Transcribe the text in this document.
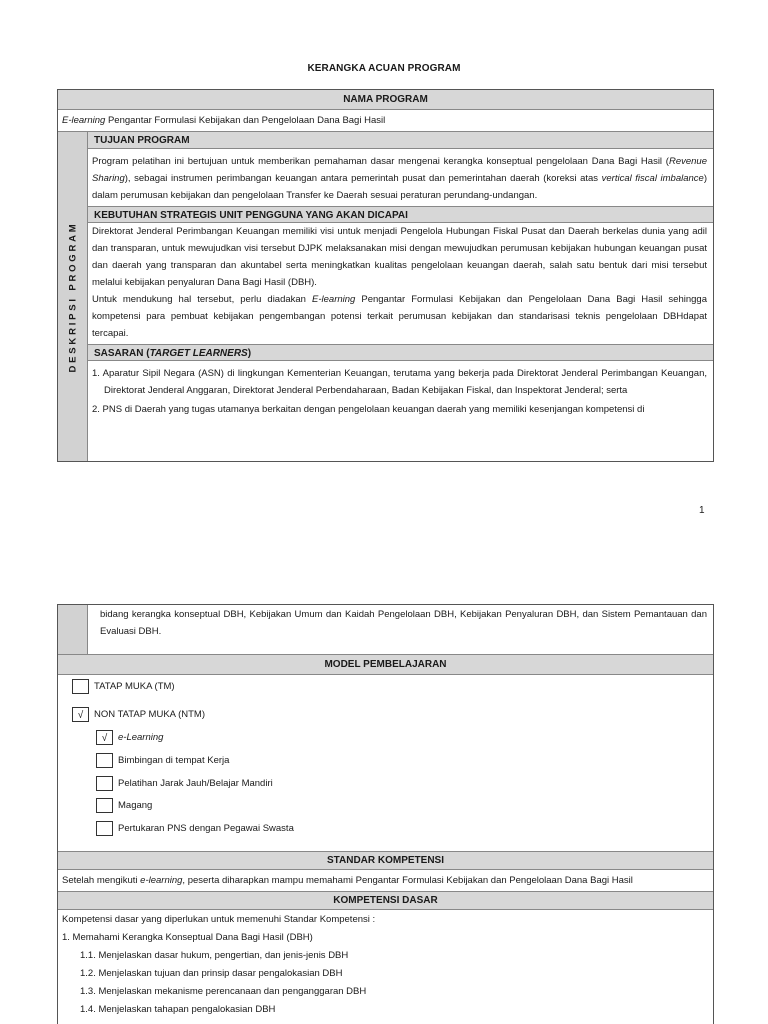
KERANGKA ACUAN PROGRAM
NAMA PROGRAM
E-learning Pengantar Formulasi Kebijakan dan Pengelolaan Dana Bagi Hasil
DESKRIPSI PROGRAM
TUJUAN PROGRAM
Program pelatihan ini bertujuan untuk memberikan pemahaman dasar mengenai kerangka konseptual pengelolaan Dana Bagi Hasil (Revenue Sharing), sebagai instrumen perimbangan keuangan antara pemerintah pusat dan pemerintahan daerah (koreksi atas vertical fiscal imbalance) dalam perumusan kebijakan dan pengelolaan Transfer ke Daerah sesuai peraturan perundang-undangan.
KEBUTUHAN STRATEGIS UNIT PENGGUNA YANG AKAN DICAPAI
Direktorat Jenderal Perimbangan Keuangan memiliki visi untuk menjadi Pengelola Hubungan Fiskal Pusat dan Daerah berkelas dunia yang adil dan transparan, untuk mewujudkan visi tersebut DJPK melaksanakan misi dengan mewujudkan perumusan kebijakan hubungan keuangan pusat dan daerah yang transparan dan akuntabel serta meningkatkan kualitas pengelolaan keuangan daerah, salah satu bentuk dari misi tersebut melalui kebijakan penyaluran Dana Bagi Hasil (DBH).
Untuk mendukung hal tersebut, perlu diadakan E-learning Pengantar Formulasi Kebijakan dan Pengelolaan Dana Bagi Hasil sehingga kompetensi para pembuat kebijakan pengembangan potensi terkait perumusan kebijakan dan standarisasi teknis pengelolaan DBHdapat tercapai.
SASARAN (TARGET LEARNERS)
1. Aparatur Sipil Negara (ASN) di lingkungan Kementerian Keuangan, terutama yang bekerja pada Direktorat Jenderal Perimbangan Keuangan, Direktorat Jenderal Anggaran, Direktorat Jenderal Perbendaharaan, Badan Kebijakan Fiskal, dan Inspektorat Jenderal; serta
2. PNS di Daerah yang tugas utamanya berkaitan dengan pengelolaan keuangan daerah yang memiliki kesenjangan kompetensi di
1
bidang kerangka konseptual DBH, Kebijakan Umum dan Kaidah Pengelolaan DBH, Kebijakan Penyaluran DBH, dan Sistem Pemantauan dan Evaluasi DBH.
MODEL PEMBELAJARAN
TATAP MUKA (TM)
√	NON TATAP MUKA (NTM)
√	e-Learning
Bimbingan di tempat Kerja
Pelatihan Jarak Jauh/Belajar Mandiri
Magang
Pertukaran PNS dengan Pegawai Swasta
STANDAR KOMPETENSI
Setelah mengikuti e-learning, peserta diharapkan mampu memahami Pengantar Formulasi Kebijakan dan Pengelolaan Dana Bagi Hasil
KOMPETENSI DASAR
Kompetensi dasar yang diperlukan untuk memenuhi Standar Kompetensi :
1. Memahami Kerangka Konseptual Dana Bagi Hasil (DBH)
1.1. Menjelaskan dasar hukum, pengertian, dan jenis-jenis DBH
1.2. Menjelaskan tujuan dan prinsip dasar pengalokasian DBH
1.3. Menjelaskan mekanisme perencanaan dan penganggaran DBH
1.4. Menjelaskan tahapan pengalokasian DBH
